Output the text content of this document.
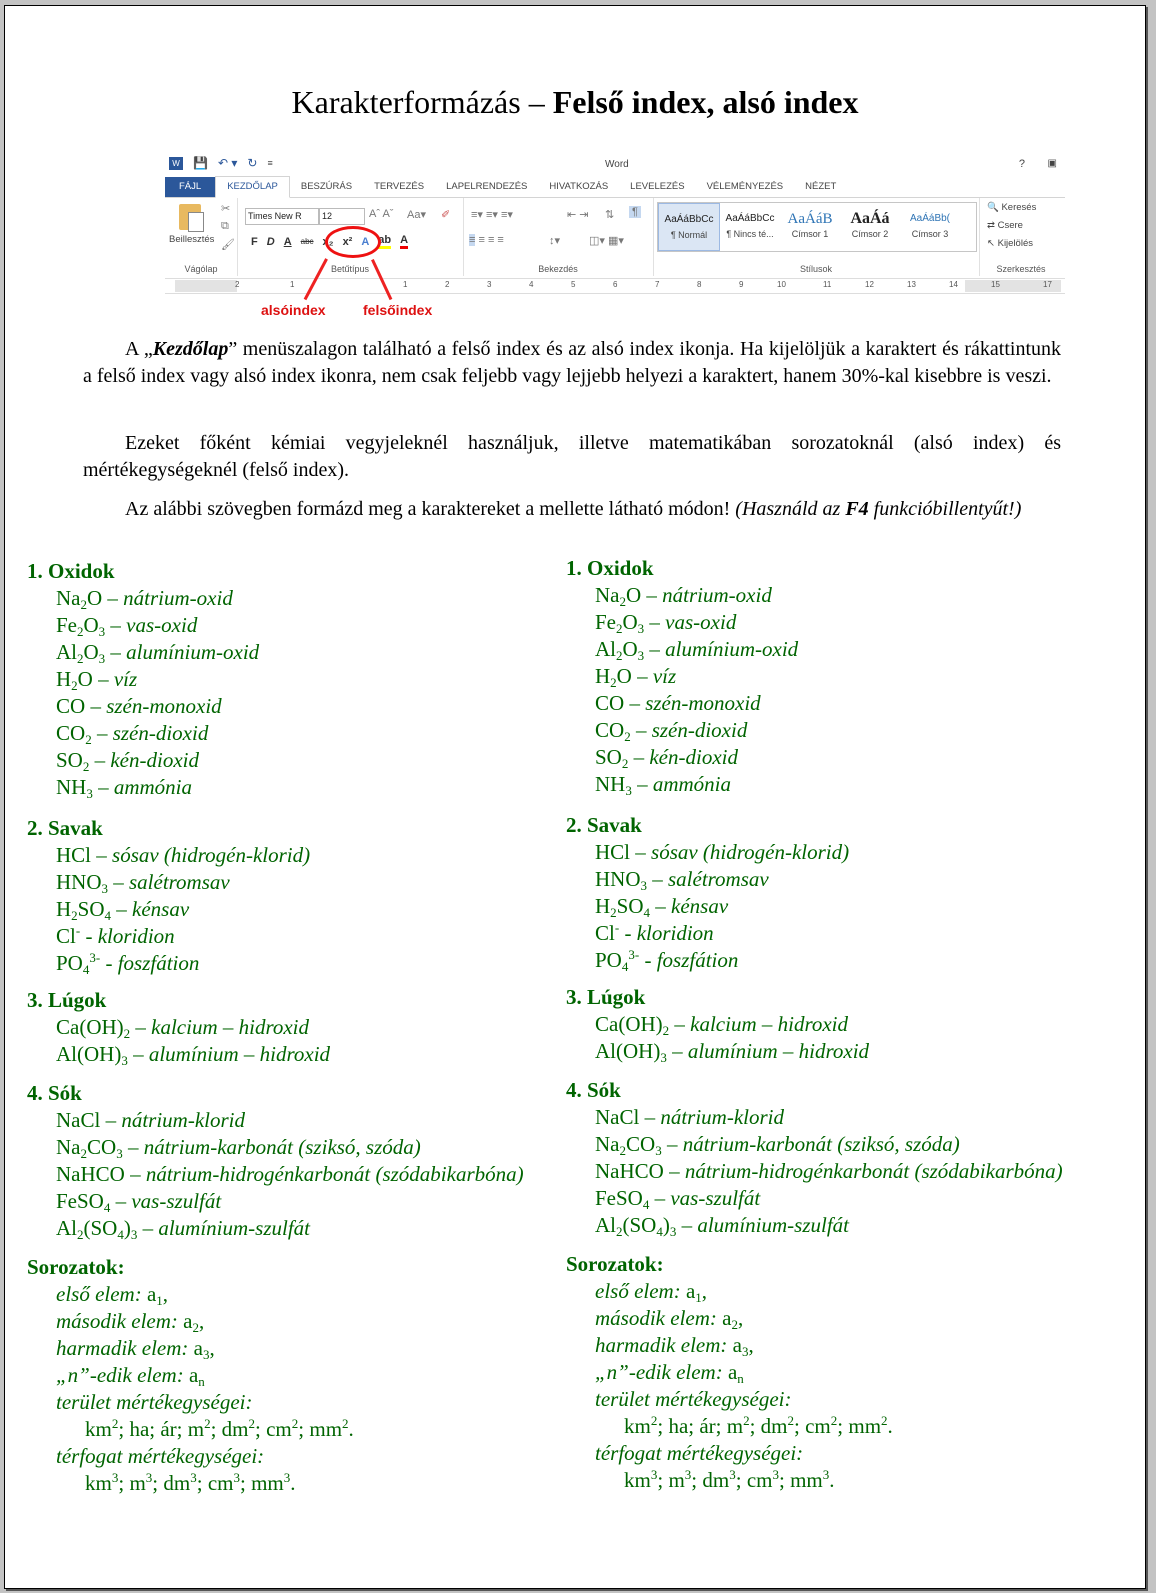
Karakterformázás – Felső index, alsó index
W 💾 ↶ ▾ ↻ ≡	Word	? ▣
FÁJL	KEZDŐLAP	BESZÚRÁS	TERVEZÉS	LAPELRENDEZÉS	HIVATKOZÁS	LEVELEZÉS	VÉLEMÉNYEZÉS	NÉZET
Beillesztés
✂
⧉
🖌
Vágólap
Times New R	12	Aˆ Aˇ Aa▾ ✐
F D A abc x₂ x² A ab A
Betűtípus
≡▾ ≡▾ ≡▾	⇤ ⇥ ⇅ ¶
≡ ≡ ≡ ≡	↕▾	◫▾ ▦▾
Bekezdés
AaÁáBbCc
¶ Normál
AaÁáBbCc
¶ Nincs té...
AaÁáB
Címsor 1
AaÁá
Címsor 2
AaÁáBb(
Címsor 3
Stílusok
🔍 Keresés
⇄ Csere
↖ Kijelölés
Szerkesztés
2	1	1	2	3	4	5	6	7	8	9	10	11	12	13	14	15	17
alsóindex	felsőindex
A „Kezdőlap” menüszalagon található a felső index és az alsó index ikonja. Ha kijelöljük a karaktert és rákattintunk a felső index vagy alsó index ikonra, nem csak feljebb vagy lejjebb helyezi a karaktert, hanem 30%-kal kisebbre is veszi.
Ezeket főként kémiai vegyjeleknél használjuk, illetve matematikában sorozatoknál (alsó index) és mértékegységeknél (felső index).
Az alábbi szövegben formázd meg a karaktereket a mellette látható módon! (Használd az F4 funkcióbillentyűt!)
1. Oxidok
$Na_2O$ – nátrium-oxid
$Fe_2O_3$ – vas-oxid
$Al_2O_3$ – alumínium-oxid
$H_2O$ – víz
CO – szén-monoxid
$CO_2$ – szén-dioxid
$SO_2$ – kén-dioxid
$NH_3$ – ammónia
2. Savak
HCl – sósav (hidrogén-klorid)
$HNO_3$ – salétromsav
$H_2SO_4$ – kénsav
Cl- - kloridion
$PO_4^{3-}$ - foszfátion
3. Lúgok
$Ca(OH)_2$ – kalcium – hidroxid
$Al(OH)_3$ – alumínium – hidroxid
4. Sók
NaCl – nátrium-klorid
$Na_2CO_3$ – nátrium-karbonát (sziksó, szóda)
NaHCO – nátrium-hidrogénkarbonát (szódabikarbóna)
FeSO$_4$ – vas-szulfát
$Al_2(SO_4)_3$ – alumínium-szulfát
Sorozatok:
első elem: $a_1$,
második elem: $a_2$,
harmadik elem: $a_3$,
„n”-edik elem: $a_n$
terület mértékegységei:
$km^2$; ha; ár; $m^2$; $dm^2$; $cm^2$; $mm^2$.
térfogat mértékegységei:
$km^3$; $m^3$; $dm^3$; $cm^3$; $mm^3$.
1. Oxidok
$Na_2O$ – nátrium-oxid
$Fe_2O_3$ – vas-oxid
$Al_2O_3$ – alumínium-oxid
$H_2O$ – víz
CO – szén-monoxid
$CO_2$ – szén-dioxid
$SO_2$ – kén-dioxid
$NH_3$ – ammónia
2. Savak
HCl – sósav (hidrogén-klorid)
$HNO_3$ – salétromsav
$H_2SO_4$ – kénsav
Cl- - kloridion
$PO_4^{3-}$ - foszfátion
3. Lúgok
$Ca(OH)_2$ – kalcium – hidroxid
$Al(OH)_3$ – alumínium – hidroxid
4. Sók
NaCl – nátrium-klorid
$Na_2CO_3$ – nátrium-karbonát (sziksó, szóda)
NaHCO – nátrium-hidrogénkarbonát (szódabikarbóna)
FeSO$_4$ – vas-szulfát
$Al_2(SO_4)_3$ – alumínium-szulfát
Sorozatok:
első elem: $a_1$,
második elem: $a_2$,
harmadik elem: $a_3$,
„n”-edik elem: $a_n$
terület mértékegységei:
$km^2$; ha; ár; $m^2$; $dm^2$; $cm^2$; $mm^2$.
térfogat mértékegységei:
$km^3$; $m^3$; $dm^3$; $cm^3$; $mm^3$.
